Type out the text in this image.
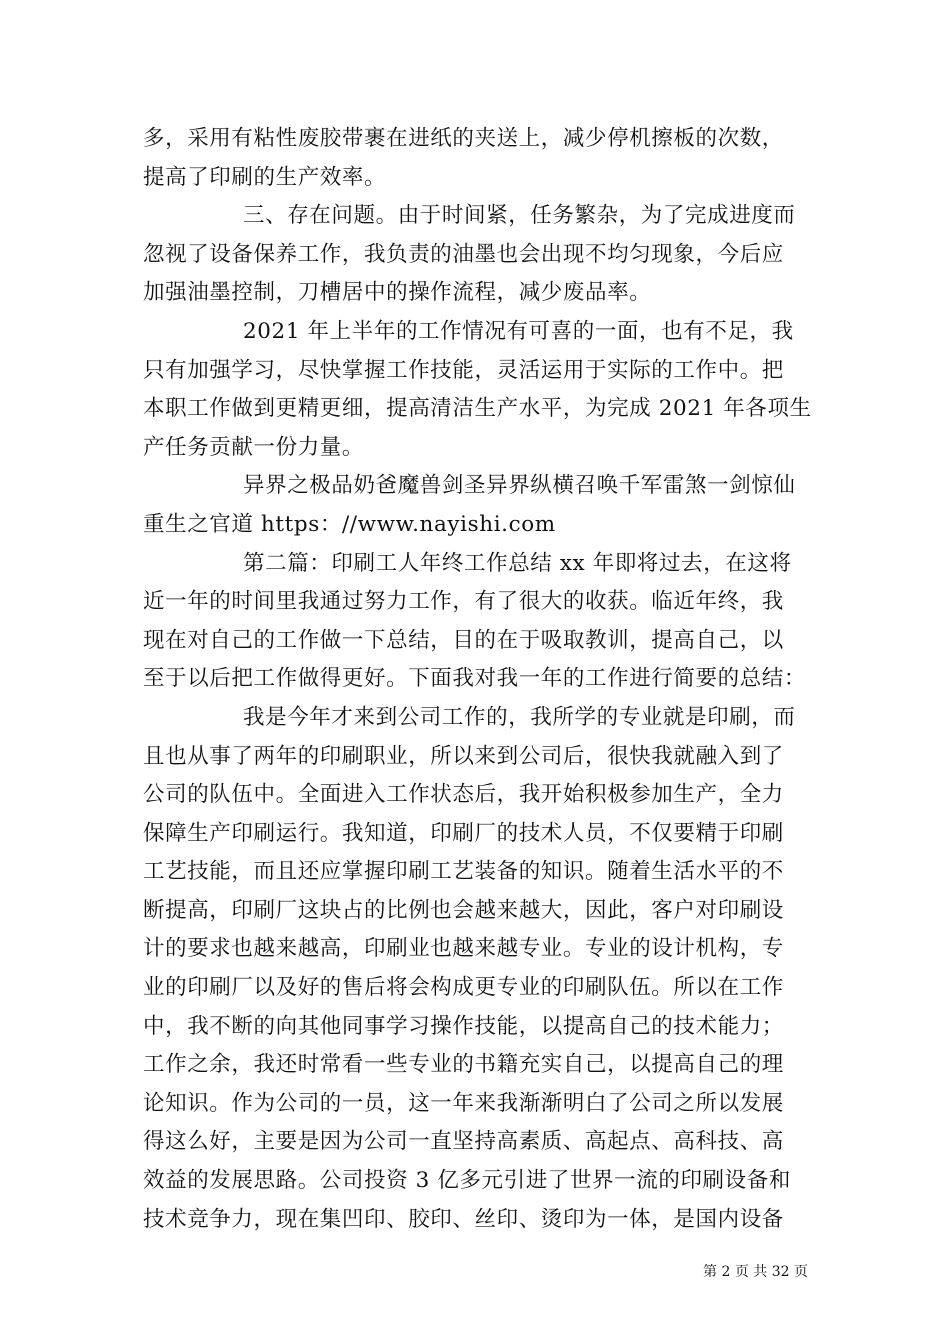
多，采用有粘性废胶带裹在进纸的夹送上，减少停机擦板的次数，
提高了印刷的生产效率。
三、存在问题。由于时间紧，任务繁杂，为了完成进度而
忽视了设备保养工作，我负责的油墨也会出现不均匀现象，今后应
加强油墨控制，刀槽居中的操作流程，减少废品率。
2021 年上半年的工作情况有可喜的一面，也有不足，我
只有加强学习，尽快掌握工作技能，灵活运用于实际的工作中。把
本职工作做到更精更细，提高清洁生产水平，为完成 2021 年各项生
产任务贡献一份力量。
异界之极品奶爸魔兽剑圣异界纵横召唤千军雷煞一剑惊仙
重生之官道 https：//www.nayishi.com
第二篇：印刷工人年终工作总结 xx 年即将过去，在这将
近一年的时间里我通过努力工作，有了很大的收获。临近年终，我
现在对自己的工作做一下总结，目的在于吸取教训，提高自己，以
至于以后把工作做得更好。下面我对我一年的工作进行简要的总结：
我是今年才来到公司工作的，我所学的专业就是印刷，而
且也从事了两年的印刷职业，所以来到公司后，很快我就融入到了
公司的队伍中。全面进入工作状态后，我开始积极参加生产，全力
保障生产印刷运行。我知道，印刷厂的技术人员，不仅要精于印刷
工艺技能，而且还应掌握印刷工艺装备的知识。随着生活水平的不
断提高，印刷厂这块占的比例也会越来越大，因此，客户对印刷设
计的要求也越来越高，印刷业也越来越专业。专业的设计机构，专
业的印刷厂以及好的售后将会构成更专业的印刷队伍。所以在工作
中，我不断的向其他同事学习操作技能，以提高自己的技术能力；
工作之余，我还时常看一些专业的书籍充实自己，以提高自己的理
论知识。作为公司的一员，这一年来我渐渐明白了公司之所以发展
得这么好，主要是因为公司一直坚持高素质、高起点、高科技、高
效益的发展思路。公司投资 3 亿多元引进了世界一流的印刷设备和
技术竞争力，现在集凹印、胶印、丝印、烫印为一体，是国内设备
第 2 页 共 32 页
